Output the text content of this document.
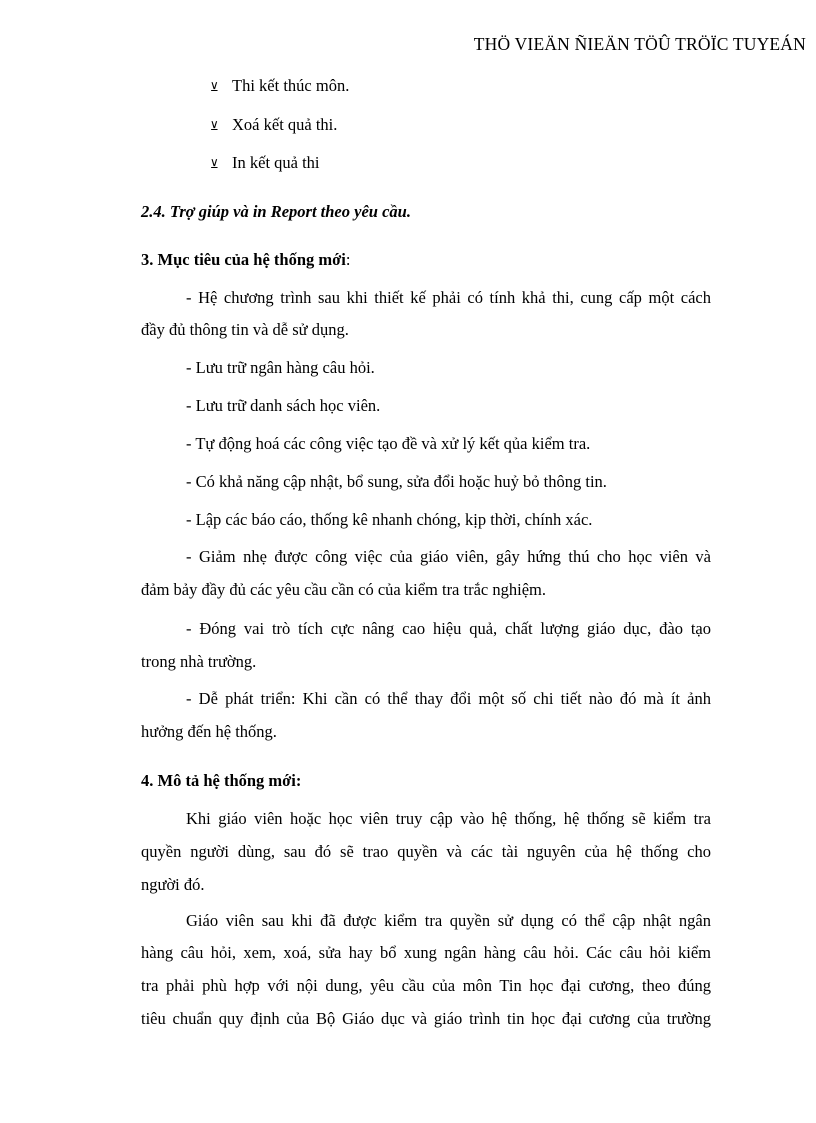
THÖ VIEÄN ÑIEÄN TÖÛ TRÖÏC TUYEÁN
⊻ Thi kết thúc môn.
⊻ Xoá kết quả thi.
⊻ In kết quả thi
2.4. Trợ giúp và in Report theo yêu cầu.
3. Mục tiêu của hệ thống mới:
- Hệ chương trình sau khi thiết kế phải có tính khả thi, cung cấp một cách
đầy đủ thông tin và dễ sử dụng.
- Lưu trữ ngân hàng câu hỏi.
- Lưu trữ danh sách học viên.
- Tự động hoá các công việc tạo đề và xử lý kết qủa kiểm tra.
- Có khả năng cập nhật, bổ sung, sửa đổi hoặc huỷ bỏ thông tin.
- Lập các báo cáo, thống kê nhanh chóng, kịp thời, chính xác.
- Giảm nhẹ được công việc của giáo viên, gây hứng thú cho học viên và
đảm bảy đầy đủ các yêu cầu cần có của kiểm tra trắc nghiệm.
- Đóng vai trò tích cực nâng cao hiệu quả, chất lượng giáo dục, đào tạo
trong nhà trường.
- Dễ phát triển: Khi cần có thể thay đổi một số chi tiết nào đó mà ít ảnh
hưởng đến hệ thống.
4. Mô tả hệ thống mới:
Khi giáo viên hoặc học viên truy cập vào hệ thống, hệ thống sẽ kiểm tra
quyền người dùng, sau đó sẽ trao quyền và các tài nguyên của hệ thống cho
người đó.
Giáo viên sau khi đã được kiểm tra quyền sử dụng có thể cập nhật ngân
hàng câu hỏi, xem, xoá, sửa hay bổ xung ngân hàng câu hỏi. Các câu hỏi kiểm
tra phải phù hợp với nội dung, yêu cầu của môn Tin học đại cương, theo đúng
tiêu chuẩn quy định của Bộ Giáo dục và giáo trình tin học đại cương của trường
